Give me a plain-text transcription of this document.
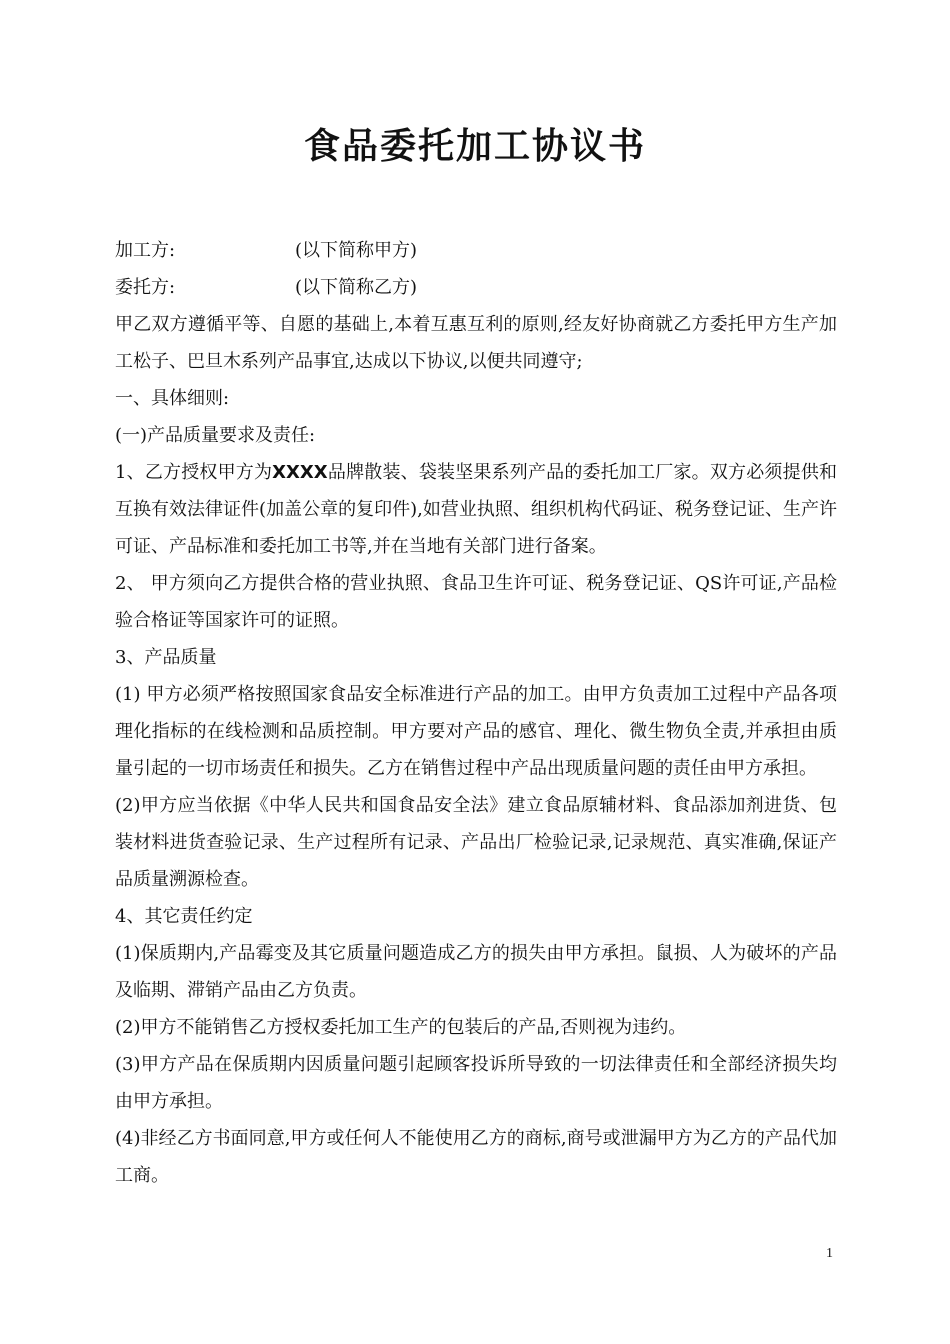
食品委托加工协议书
加工方:	(以下简称甲方)
委托方:	(以下简称乙方)

甲乙双方遵循平等、自愿的基础上,本着互惠互利的原则,经友好协商就乙方委托甲方生产加工松子、巴旦木系列产品事宜,达成以下协议,以便共同遵守;

一、具体细则:

(一)产品质量要求及责任:

1、乙方授权甲方为XXXX品牌散装、袋装坚果系列产品的委托加工厂家。双方必须提供和互换有效法律证件(加盖公章的复印件),如营业执照、组织机构代码证、税务登记证、生产许可证、产品标准和委托加工书等,并在当地有关部门进行备案。

2、 甲方须向乙方提供合格的营业执照、食品卫生许可证、税务登记证、QS许可证,产品检验合格证等国家许可的证照。

3、产品质量

(1) 甲方必须严格按照国家食品安全标准进行产品的加工。由甲方负责加工过程中产品各项理化指标的在线检测和品质控制。甲方要对产品的感官、理化、微生物负全责,并承担由质量引起的一切市场责任和损失。乙方在销售过程中产品出现质量问题的责任由甲方承担。

(2)甲方应当依据《中华人民共和国食品安全法》建立食品原辅材料、食品添加剂进货、包装材料进货查验记录、生产过程所有记录、产品出厂检验记录,记录规范、真实准确,保证产品质量溯源检查。

4、其它责任约定

(1)保质期内,产品霉变及其它质量问题造成乙方的损失由甲方承担。鼠损、人为破坏的产品及临期、滞销产品由乙方负责。

(2)甲方不能销售乙方授权委托加工生产的包装后的产品,否则视为违约。

(3)甲方产品在保质期内因质量问题引起顾客投诉所导致的一切法律责任和全部经济损失均由甲方承担。

(4)非经乙方书面同意,甲方或任何人不能使用乙方的商标,商号或泄漏甲方为乙方的产品代加工商。

1
